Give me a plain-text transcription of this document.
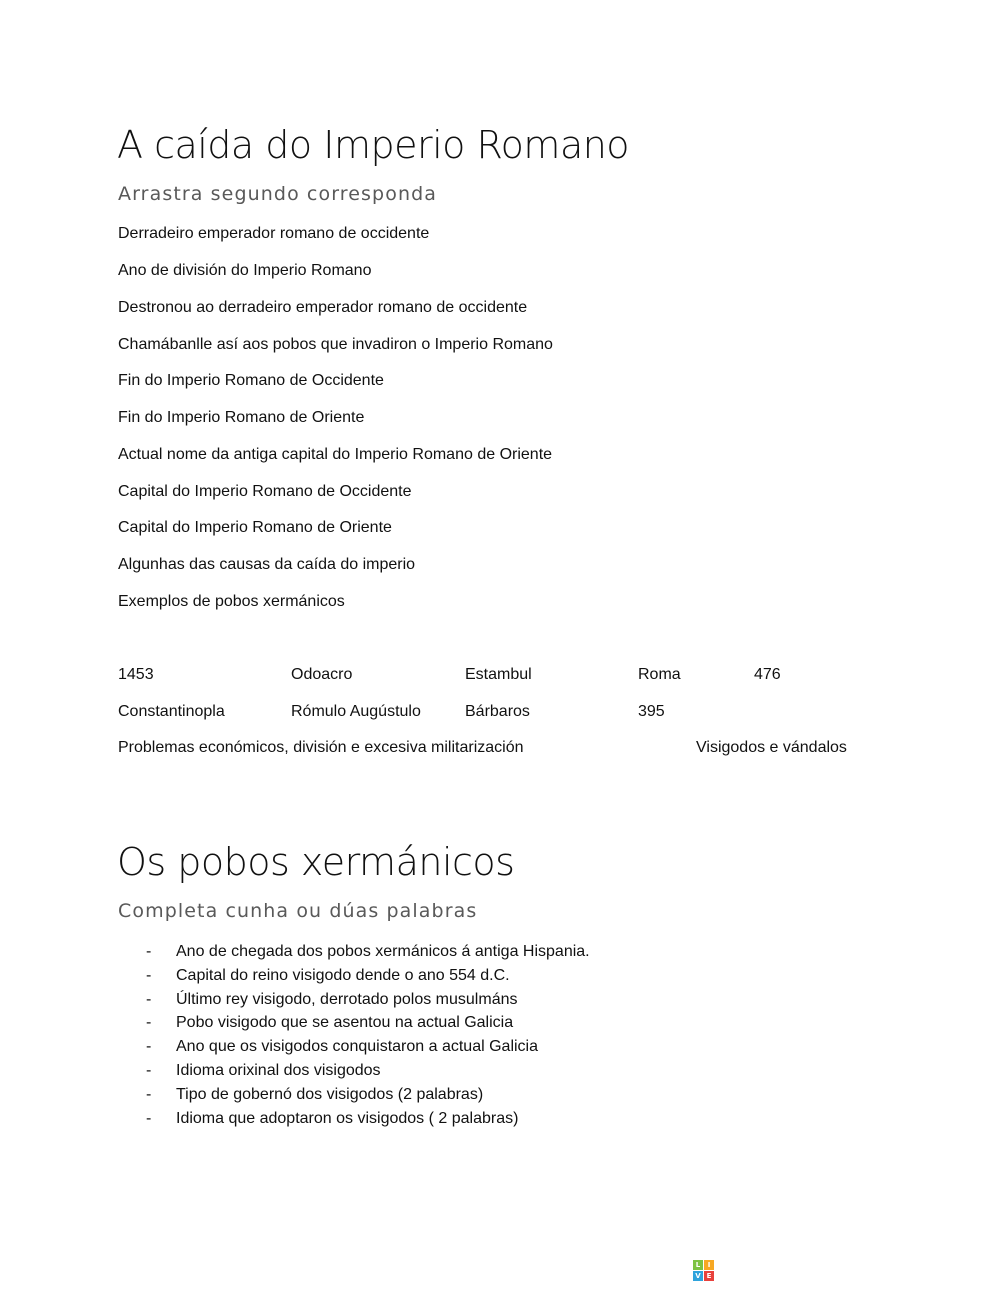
A caída do Imperio Romano
Arrastra segundo corresponda
Derradeiro emperador romano de occidente
Ano de división do Imperio Romano
Destronou ao derradeiro emperador romano de occidente
Chamábanlle así aos pobos que invadiron o Imperio Romano
Fin do Imperio Romano de Occidente
Fin do Imperio Romano de Oriente
Actual nome da antiga capital do Imperio Romano de Oriente
Capital do Imperio Romano de Occidente
Capital do Imperio Romano de Oriente
Algunhas das causas da caída do imperio
Exemplos de pobos xermánicos
1453	Odoacro	Estambul	Roma	476
Constantinopla	Rómulo Augústulo	Bárbaros	395
Problemas económicos, división e excesiva militarización	Visigodos e vándalos
Os pobos xermánicos
Completa cunha ou dúas palabras
- Ano de chegada dos pobos xermánicos á antiga Hispania.
- Capital do reino visigodo dende o ano 554 d.C.
- Último rey visigodo, derrotado polos musulmáns
- Pobo visigodo que se asentou na actual Galicia
- Ano que os visigodos conquistaron a actual Galicia
- Idioma orixinal dos visigodos
- Tipo de gobernó dos visigodos (2 palabras)
- Idioma que adoptaron os visigodos ( 2 palabras)
L	I
V E
